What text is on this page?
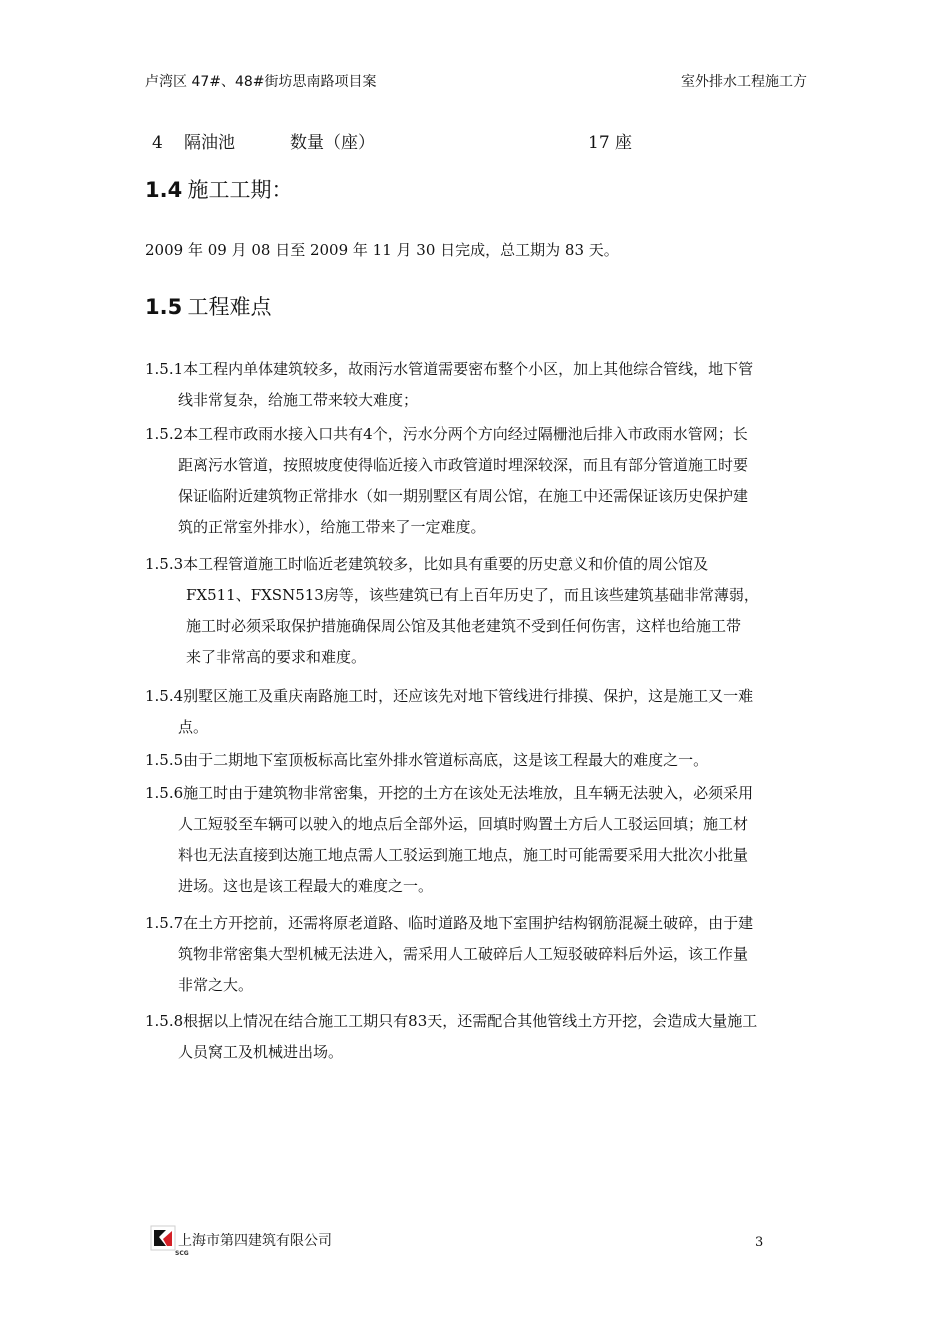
卢湾区 47#、48#街坊思南路项目案	室外排水工程施工方
4 隔油池	数量（座）	17 座
1.4 施工工期：
2009 年 09 月 08 日至 2009 年 11 月 30 日完成，总工期为 83 天。
1.5 工程难点
1.5.1本工程内单体建筑较多，故雨污水管道需要密布整个小区，加上其他综合管线，地下管
线非常复杂，给施工带来较大难度；
1.5.2本工程市政雨水接入口共有4个，污水分两个方向经过隔栅池后排入市政雨水管网；长
距离污水管道，按照坡度使得临近接入市政管道时埋深较深，而且有部分管道施工时要
保证临附近建筑物正常排水（如一期别墅区有周公馆，在施工中还需保证该历史保护建
筑的正常室外排水），给施工带来了一定难度。
1.5.3本工程管道施工时临近老建筑较多，比如具有重要的历史意义和价值的周公馆及
FX511、FXSN513房等，该些建筑已有上百年历史了，而且该些建筑基础非常薄弱，
施工时必须采取保护措施确保周公馆及其他老建筑不受到任何伤害，这样也给施工带
来了非常高的要求和难度。
1.5.4别墅区施工及重庆南路施工时，还应该先对地下管线进行排摸、保护，这是施工又一难
点。
1.5.5由于二期地下室顶板标高比室外排水管道标高底，这是该工程最大的难度之一。
1.5.6施工时由于建筑物非常密集，开挖的土方在该处无法堆放，且车辆无法驶入，必须采用
人工短驳至车辆可以驶入的地点后全部外运，回填时购置土方后人工驳运回填；施工材
料也无法直接到达施工地点需人工驳运到施工地点，施工时可能需要采用大批次小批量
进场。这也是该工程最大的难度之一。
1.5.7在土方开挖前，还需将原老道路、临时道路及地下室围护结构钢筋混凝土破碎，由于建
筑物非常密集大型机械无法进入，需采用人工破碎后人工短驳破碎料后外运，该工作量
非常之大。
1.5.8根据以上情况在结合施工工期只有83天，还需配合其他管线土方开挖，会造成大量施工
人员窝工及机械进出场。
SCG
上海市第四建筑有限公司	3
